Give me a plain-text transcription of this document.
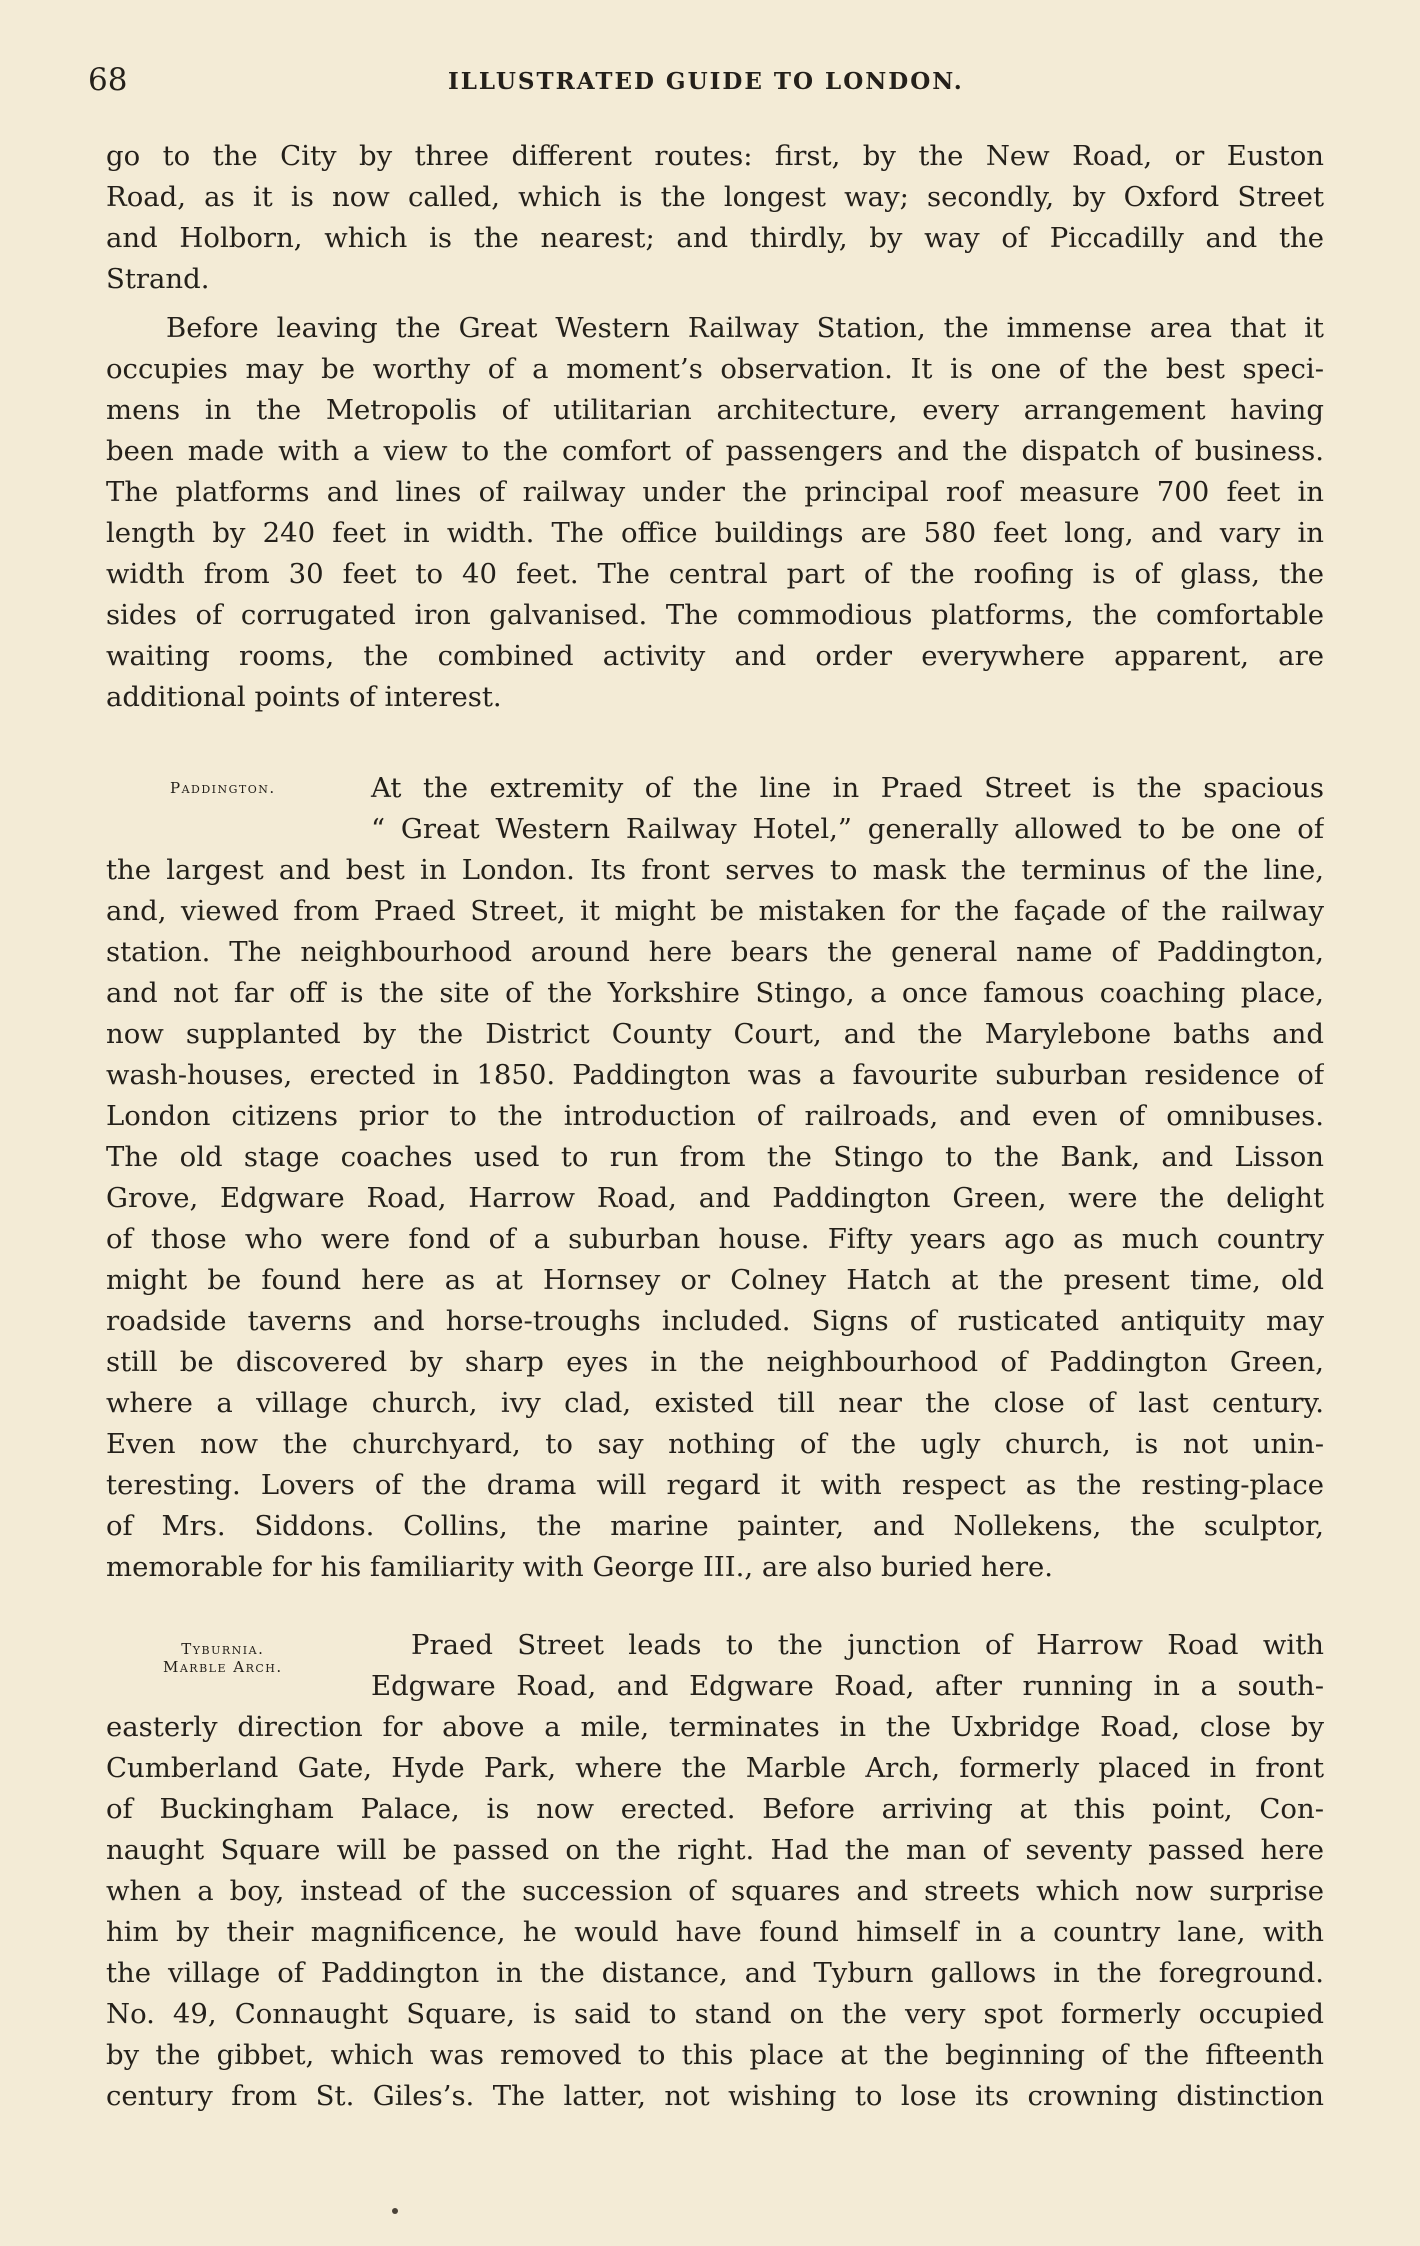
68	ILLUSTRATED GUIDE TO LONDON.
go to the City by three different routes: first, by the New Road, or Euston
Road, as it is now called, which is the longest way; secondly, by Oxford Street
and Holborn, which is the nearest; and thirdly, by way of Piccadilly and the
Strand.
Before leaving the Great Western Railway Station, the immense area that it
occupies may be worthy of a moment’s observation. It is one of the best speci-
mens in the Metropolis of utilitarian architecture, every arrangement having
been made with a view to the comfort of passengers and the dispatch of business.
The platforms and lines of railway under the principal roof measure 700 feet in
length by 240 feet in width. The office buildings are 580 feet long, and vary in
width from 30 feet to 40 feet. The central part of the roofing is of glass, the
sides of corrugated iron galvanised. The commodious platforms, the comfortable
waiting rooms, the combined activity and order everywhere apparent, are
additional points of interest.
Paddington.	At the extremity of the line in Praed Street is the spacious
“ Great Western Railway Hotel,” generally allowed to be one of
the largest and best in London. Its front serves to mask the terminus of the line,
and, viewed from Praed Street, it might be mistaken for the façade of the railway
station. The neighbourhood around here bears the general name of Paddington,
and not far off is the site of the Yorkshire Stingo, a once famous coaching place,
now supplanted by the District County Court, and the Marylebone baths and
wash-houses, erected in 1850. Paddington was a favourite suburban residence of
London citizens prior to the introduction of railroads, and even of omnibuses.
The old stage coaches used to run from the Stingo to the Bank, and Lisson
Grove, Edgware Road, Harrow Road, and Paddington Green, were the delight
of those who were fond of a suburban house. Fifty years ago as much country
might be found here as at Hornsey or Colney Hatch at the present time, old
roadside taverns and horse-troughs included. Signs of rusticated antiquity may
still be discovered by sharp eyes in the neighbourhood of Paddington Green,
where a village church, ivy clad, existed till near the close of last century.
Even now the churchyard, to say nothing of the ugly church, is not unin-
teresting. Lovers of the drama will regard it with respect as the resting-place
of Mrs. Siddons. Collins, the marine painter, and Nollekens, the sculptor,
memorable for his familiarity with George III., are also buried here.
Tyburnia.
Marble Arch.
Praed Street leads to the junction of Harrow Road with
Edgware Road, and Edgware Road, after running in a south-
easterly direction for above a mile, terminates in the Uxbridge Road, close by
Cumberland Gate, Hyde Park, where the Marble Arch, formerly placed in front
of Buckingham Palace, is now erected. Before arriving at this point, Con-
naught Square will be passed on the right. Had the man of seventy passed here
when a boy, instead of the succession of squares and streets which now surprise
him by their magnificence, he would have found himself in a country lane, with
the village of Paddington in the distance, and Tyburn gallows in the foreground.
No. 49, Connaught Square, is said to stand on the very spot formerly occupied
by the gibbet, which was removed to this place at the beginning of the fifteenth
century from St. Giles’s. The latter, not wishing to lose its crowning distinction
